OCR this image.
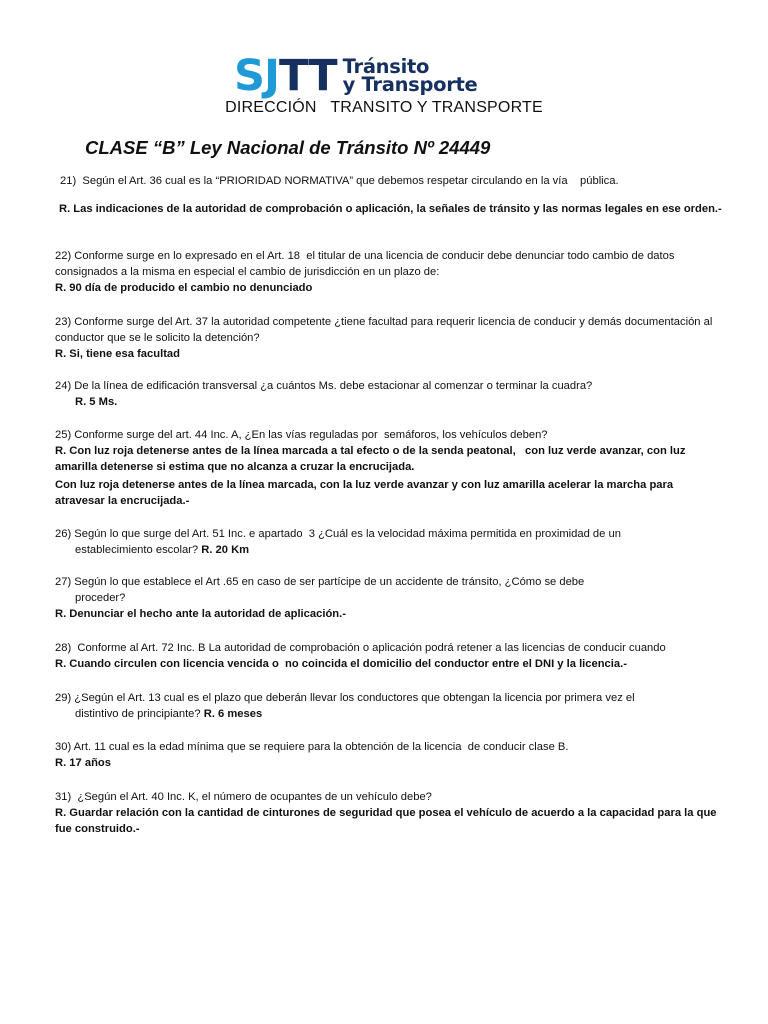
SJTT Tránsito
y Transporte
DIRECCIÓN   TRANSITO Y TRANSPORTE
CLASE “B” Ley Nacional de Tránsito Nº 24449

21)  Según el Art. 36 cual es la “PRIORIDAD NORMATIVA” que debemos respetar circulando en la vía    pública.

R. Las indicaciones de la autoridad de comprobación o aplicación, la señales de tránsito y las normas legales en ese orden.-

22) Conforme surge en lo expresado en el Art. 18  el titular de una licencia de conducir debe denunciar todo cambio de datos consignados a la misma en especial el cambio de jurisdicción en un plazo de:

R. 90 día de producido el cambio no denunciado

23) Conforme surge del Art. 37 la autoridad competente ¿tiene facultad para requerir licencia de conducir y demás documentación al conductor que se le solicito la detención?

R. Si, tiene esa facultad

24) De la línea de edificación transversal ¿a cuántos Ms. debe estacionar al comenzar o terminar la cuadra?

R. 5 Ms.

25) Conforme surge del art. 44 Inc. A, ¿En las vías reguladas por  semáforos, los vehículos deben?

R. Con luz roja detenerse antes de la línea marcada a tal efecto o de la senda peatonal,   con luz verde avanzar, con luz amarilla detenerse si estima que no alcanza a cruzar la encrucijada.

Con luz roja detenerse antes de la línea marcada, con la luz verde avanzar y con luz amarilla acelerar la marcha para atravesar la encrucijada.-

26) Según lo que surge del Art. 51 Inc. e apartado  3 ¿Cuál es la velocidad máxima permitida en proximidad de un

establecimiento escolar? R. 20 Km

27) Según lo que establece el Art .65 en caso de ser partícipe de un accidente de tránsito, ¿Cómo se debe

proceder?

R. Denunciar el hecho ante la autoridad de aplicación.-

28)  Conforme al Art. 72 Inc. B La autoridad de comprobación o aplicación podrá retener a las licencias de conducir cuando

R. Cuando circulen con licencia vencida o  no coincida el domicilio del conductor entre el DNI y la licencia.-

29) ¿Según el Art. 13 cual es el plazo que deberán llevar los conductores que obtengan la licencia por primera vez el

distintivo de principiante? R. 6 meses

30) Art. 11 cual es la edad mínima que se requiere para la obtención de la licencia  de conducir clase B.

R. 17 años

31)  ¿Según el Art. 40 Inc. K, el número de ocupantes de un vehículo debe?

R. Guardar relación con la cantidad de cinturones de seguridad que posea el vehículo de acuerdo a la capacidad para la que fue construido.-
